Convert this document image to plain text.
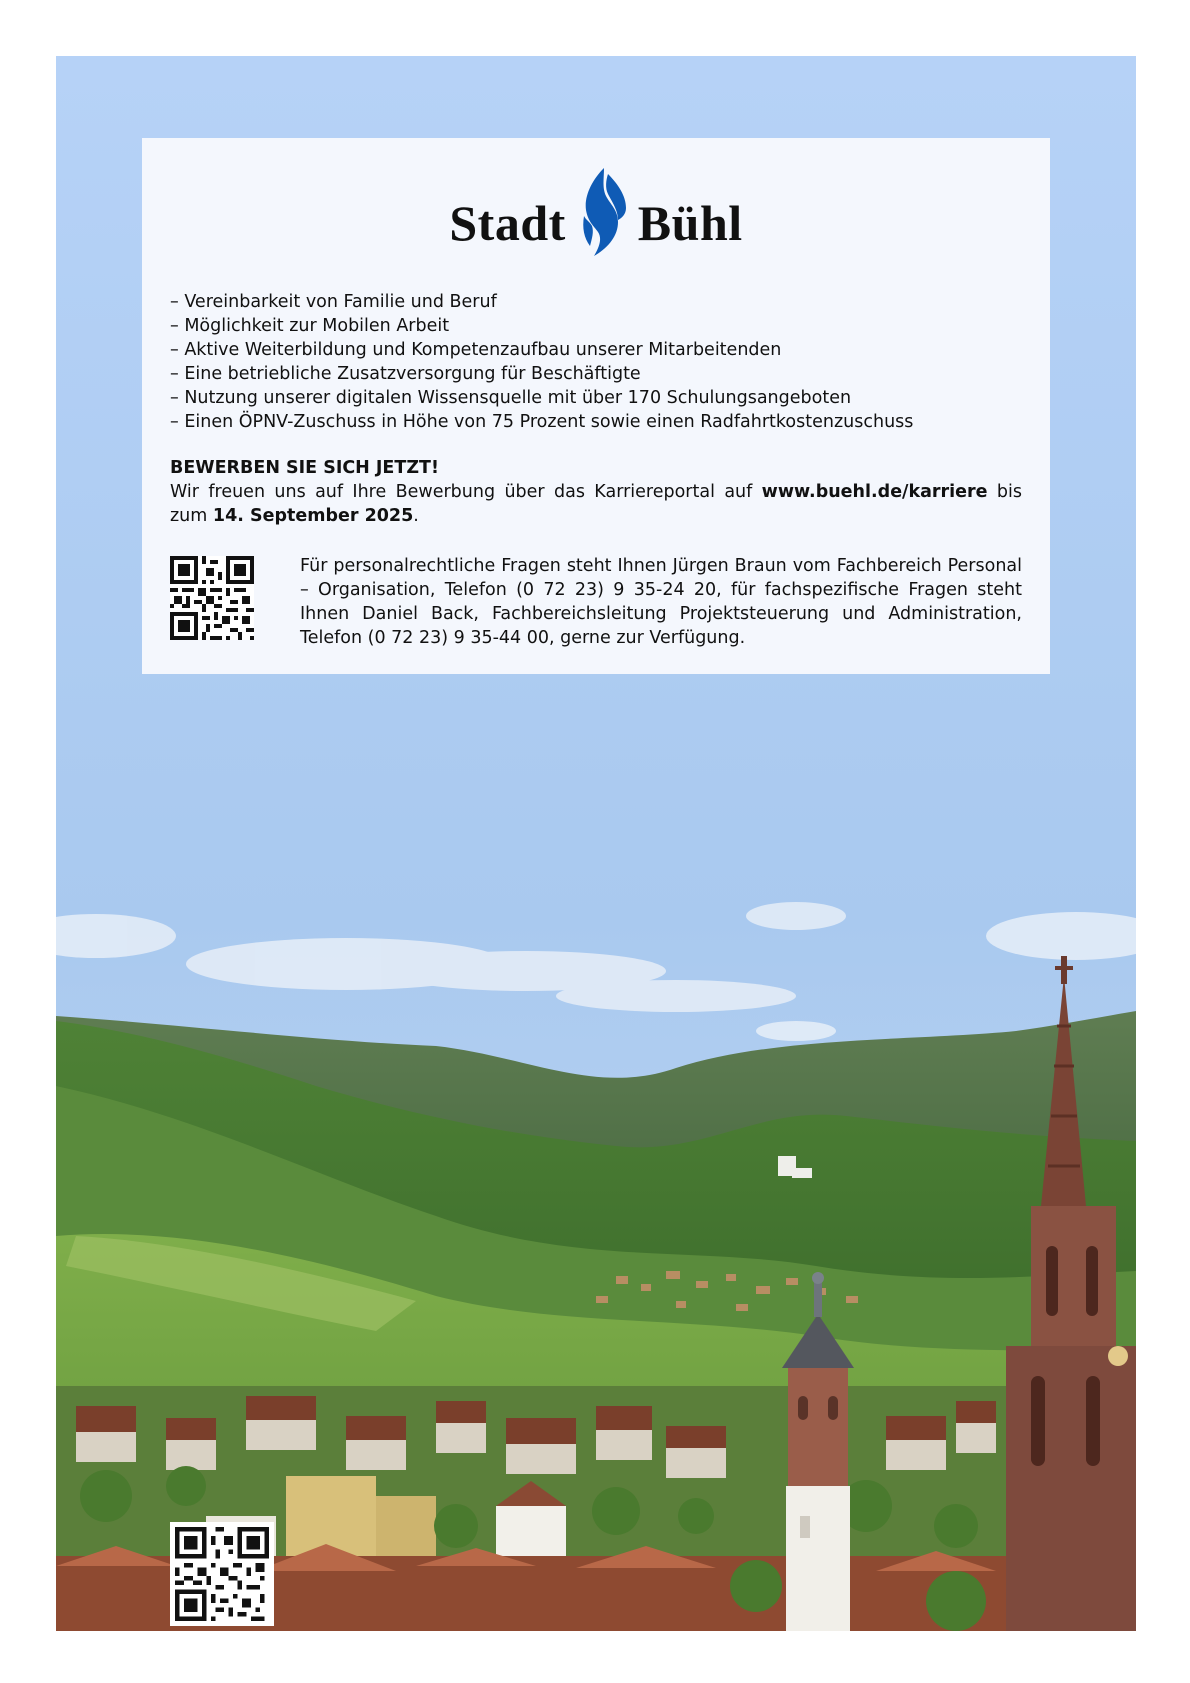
Stadt Bühl
– Vereinbarkeit von Familie und Beruf
– Möglichkeit zur Mobilen Arbeit
– Aktive Weiterbildung und Kompetenzaufbau unserer Mitarbeitenden
– Eine betriebliche Zusatzversorgung für Beschäftigte
– Nutzung unserer digitalen Wissensquelle mit über 170 Schulungsangeboten
– Einen ÖPNV-Zuschuss in Höhe von 75 Prozent sowie einen Radfahrtkostenzuschuss
BEWERBEN SIE SICH JETZT!
Wir freuen uns auf Ihre Bewerbung über das Karriereportal auf www.buehl.de/karriere bis zum 14. September 2025.
Für personalrechtliche Fragen steht Ihnen Jürgen Braun vom Fachbereich Personal – Organisation, Telefon (0 72 23) 9 35-24 20, für fachspezifische Fragen steht Ihnen Daniel Back, Fachbereichsleitung Projektsteuerung und Administration, Telefon (0 72 23) 9 35-44 00, gerne zur Verfügung.
